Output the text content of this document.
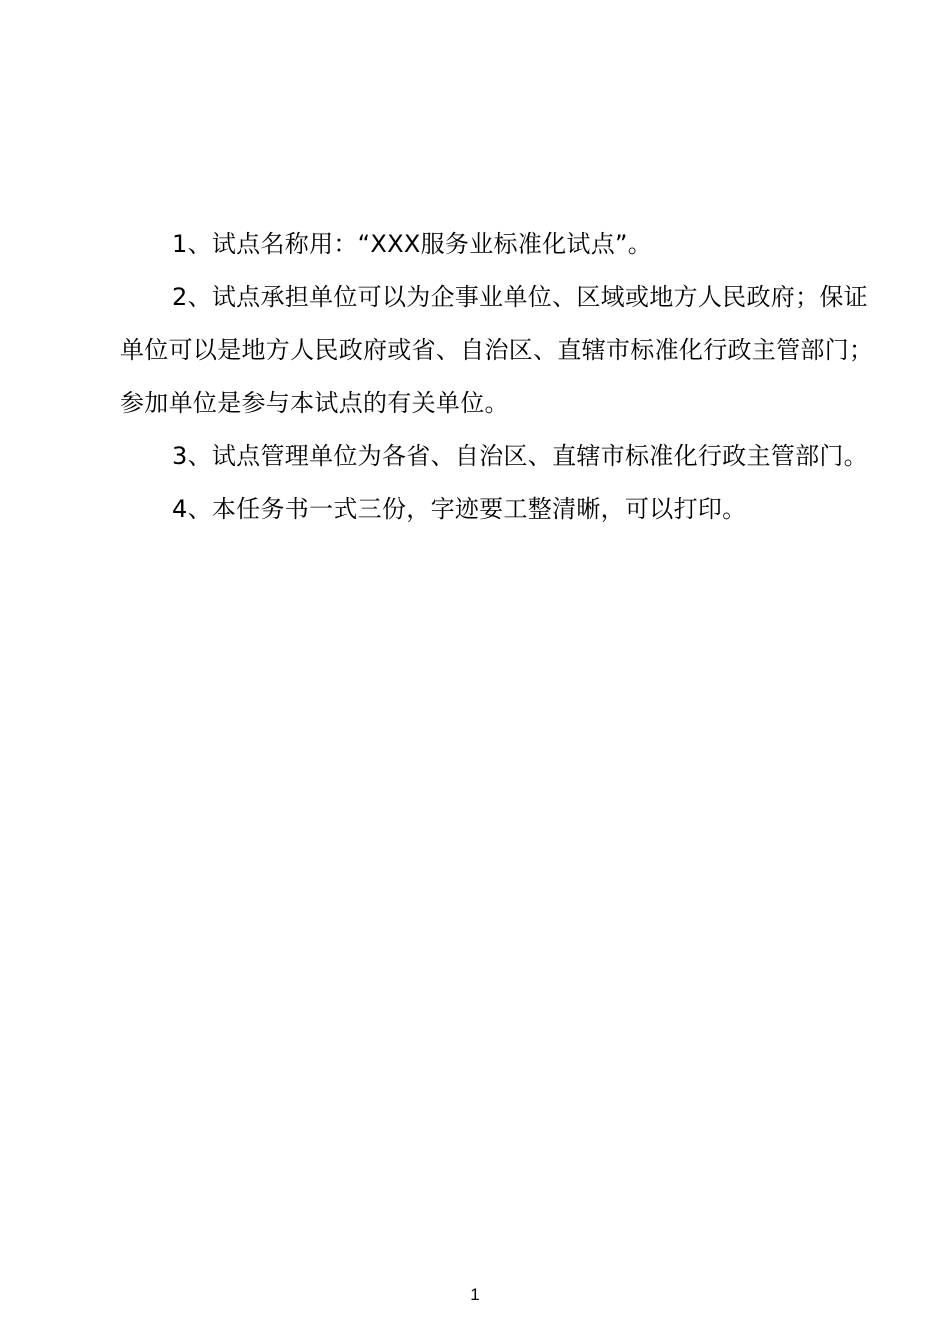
1、试点名称用：“XXX服务业标准化试点”。

2、试点承担单位可以为企事业单位、区域或地方人民政府；保证单位可以是地方人民政府或省、自治区、直辖市标准化行政主管部门；参加单位是参与本试点的有关单位。

3、试点管理单位为各省、自治区、直辖市标准化行政主管部门。

4、本任务书一式三份，字迹要工整清晰，可以打印。

1
